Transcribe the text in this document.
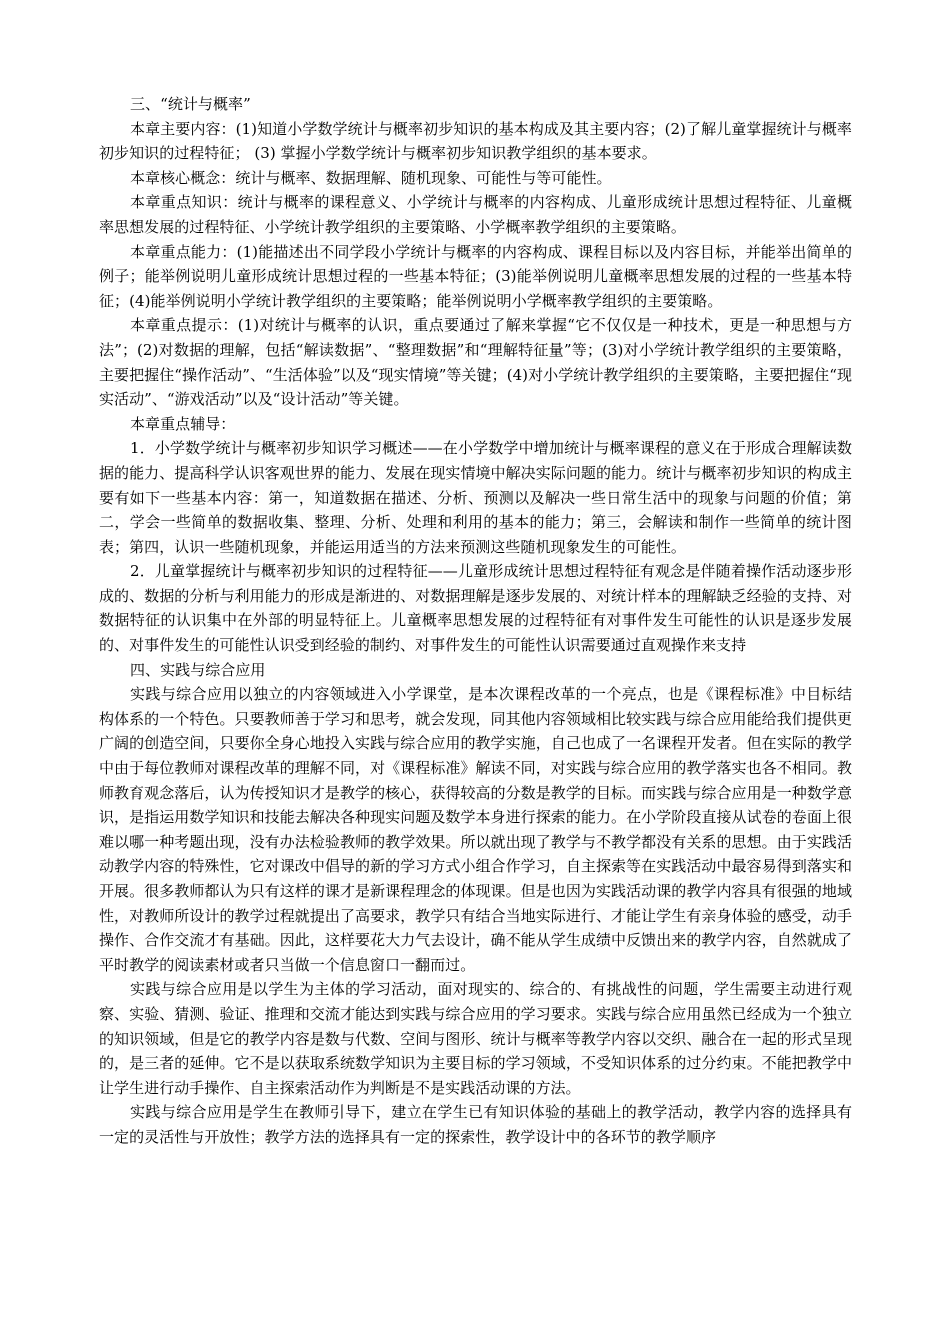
三、“统计与概率”

本章主要内容：(1)知道小学数学统计与概率初步知识的基本构成及其主要内容；(2)了解儿童掌握统计与概率初步知识的过程特征； (3) 掌握小学数学统计与概率初步知识教学组织的基本要求。

本章核心概念：统计与概率、数据理解、随机现象、可能性与等可能性。

本章重点知识：统计与概率的课程意义、小学统计与概率的内容构成、儿童形成统计思想过程特征、儿童概率思想发展的过程特征、小学统计教学组织的主要策略、小学概率教学组织的主要策略。

本章重点能力：(1)能描述出不同学段小学统计与概率的内容构成、课程目标以及内容目标，并能举出简单的例子；能举例说明儿童形成统计思想过程的一些基本特征；(3)能举例说明儿童概率思想发展的过程的一些基本特征；(4)能举例说明小学统计教学组织的主要策略；能举例说明小学概率教学组织的主要策略。

本章重点提示：(1)对统计与概率的认识，重点要通过了解来掌握“它不仅仅是一种技术，更是一种思想与方法”；(2)对数据的理解，包括“解读数据”、“整理数据”和“理解特征量”等；(3)对小学统计教学组织的主要策略，主要把握住“操作活动”、“生活体验”以及“现实情境”等关键；(4)对小学统计教学组织的主要策略，主要把握住“现实活动”、“游戏活动”以及“设计活动”等关键。

本章重点辅导：

1．小学数学统计与概率初步知识学习概述——在小学数学中增加统计与概率课程的意义在于形成合理解读数据的能力、提高科学认识客观世界的能力、发展在现实情境中解决实际问题的能力。统计与概率初步知识的构成主要有如下一些基本内容：第一，知道数据在描述、分析、预测以及解决一些日常生活中的现象与问题的价值；第二，学会一些简单的数据收集、整理、分析、处理和利用的基本的能力；第三，会解读和制作一些简单的统计图表；第四，认识一些随机现象，并能运用适当的方法来预测这些随机现象发生的可能性。

2．儿童掌握统计与概率初步知识的过程特征——儿童形成统计思想过程特征有观念是伴随着操作活动逐步形成的、数据的分析与利用能力的形成是渐进的、对数据理解是逐步发展的、对统计样本的理解缺乏经验的支持、对数据特征的认识集中在外部的明显特征上。儿童概率思想发展的过程特征有对事件发生可能性的认识是逐步发展的、对事件发生的可能性认识受到经验的制约、对事件发生的可能性认识需要通过直观操作来支持

四、实践与综合应用

实践与综合应用以独立的内容领域进入小学课堂，是本次课程改革的一个亮点，也是《课程标准》中目标结构体系的一个特色。只要教师善于学习和思考，就会发现，同其他内容领域相比较实践与综合应用能给我们提供更广阔的创造空间，只要你全身心地投入实践与综合应用的教学实施，自己也成了一名课程开发者。但在实际的教学中由于每位教师对课程改革的理解不同，对《课程标准》解读不同，对实践与综合应用的教学落实也各不相同。教师教育观念落后，认为传授知识才是教学的核心，获得较高的分数是教学的目标。而实践与综合应用是一种数学意识，是指运用数学知识和技能去解决各种现实问题及数学本身进行探索的能力。在小学阶段直接从试卷的卷面上很难以哪一种考题出现，没有办法检验教师的教学效果。所以就出现了教学与不教学都没有关系的思想。由于实践活动教学内容的特殊性，它对课改中倡导的新的学习方式小组合作学习，自主探索等在实践活动中最容易得到落实和开展。很多教师都认为只有这样的课才是新课程理念的体现课。但是也因为实践活动课的教学内容具有很强的地域性，对教师所设计的教学过程就提出了高要求，教学只有结合当地实际进行、才能让学生有亲身体验的感受，动手操作、合作交流才有基础。因此，这样要花大力气去设计，确不能从学生成绩中反馈出来的教学内容，自然就成了平时教学的阅读素材或者只当做一个信息窗口一翻而过。

实践与综合应用是以学生为主体的学习活动，面对现实的、综合的、有挑战性的问题，学生需要主动进行观察、实验、猜测、验证、推理和交流才能达到实践与综合应用的学习要求。实践与综合应用虽然已经成为一个独立的知识领域，但是它的教学内容是数与代数、空间与图形、统计与概率等教学内容以交织、融合在一起的形式呈现的，是三者的延伸。它不是以获取系统数学知识为主要目标的学习领域，不受知识体系的过分约束。不能把教学中让学生进行动手操作、自主探索活动作为判断是不是实践活动课的方法。

实践与综合应用是学生在教师引导下，建立在学生已有知识体验的基础上的教学活动，教学内容的选择具有一定的灵活性与开放性；教学方法的选择具有一定的探索性，教学设计中的各环节的教学顺序
